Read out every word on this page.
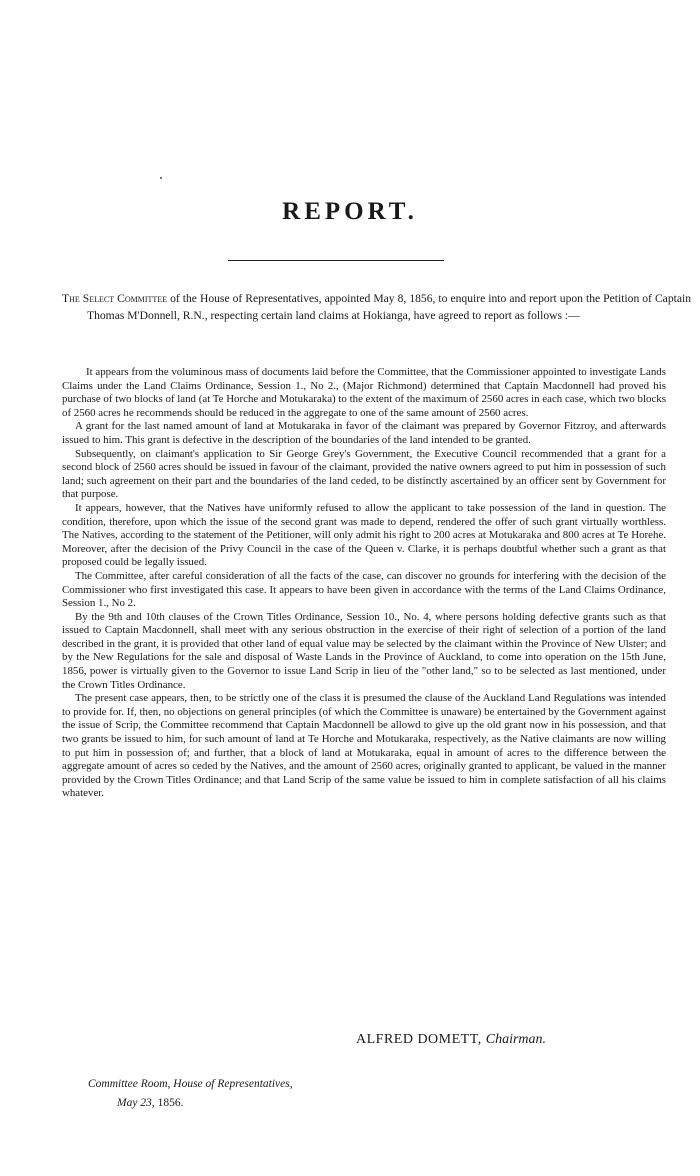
REPORT.
The Select Committee of the House of Representatives, appointed May 8, 1856, to enquire into and report upon the Petition of Captain Thomas M'Donnell, R.N., respecting certain land claims at Hokianga, have agreed to report as follows :—

It appears from the voluminous mass of documents laid before the Committee, that the Commissioner appointed to investigate Lands Claims under the Land Claims Ordinance, Session 1., No 2., (Major Richmond) determined that Captain Macdonnell had proved his purchase of two blocks of land (at Te Horche and Motukaraka) to the extent of the maximum of 2560 acres in each case, which two blocks of 2560 acres he recommends should be reduced in the aggregate to one of the same amount of 2560 acres.

A grant for the last named amount of land at Motukaraka in favor of the claimant was prepared by Governor Fitzroy, and afterwards issued to him. This grant is defective in the description of the boundaries of the land intended to be granted.

Subsequently, on claimant's application to Sir George Grey's Government, the Executive Council recommended that a grant for a second block of 2560 acres should be issued in favour of the claimant, provided the native owners agreed to put him in possession of such land; such agreement on their part and the boundaries of the land ceded, to be distinctly ascertained by an officer sent by Government for that purpose.

It appears, however, that the Natives have uniformly refused to allow the applicant to take possession of the land in question. The condition, therefore, upon which the issue of the second grant was made to depend, rendered the offer of such grant virtually worthless. The Natives, according to the statement of the Petitioner, will only admit his right to 200 acres at Motukaraka and 800 acres at Te Horehe. Moreover, after the decision of the Privy Council in the case of the Queen v. Clarke, it is perhaps doubtful whether such a grant as that proposed could be legally issued.

The Committee, after careful consideration of all the facts of the case, can discover no grounds for interfering with the decision of the Commissioner who first investigated this case. It appears to have been given in accordance with the terms of the Land Claims Ordinance, Session 1., No 2.

By the 9th and 10th clauses of the Crown Titles Ordinance, Session 10., No. 4, where persons holding defective grants such as that issued to Captain Macdonnell, shall meet with any serious obstruction in the exercise of their right of selection of a portion of the land described in the grant, it is provided that other land of equal value may be selected by the claimant within the Province of New Ulster; and by the New Regulations for the sale and disposal of Waste Lands in the Province of Auckland, to come into operation on the 15th June, 1856, power is virtually given to the Governor to issue Land Scrip in lieu of the "other land," so to be selected as last mentioned, under the Crown Titles Ordinance.

The present case appears, then, to be strictly one of the class it is presumed the clause of the Auckland Land Regulations was intended to provide for. If, then, no objections on general principles (of which the Committee is unaware) be entertained by the Government against the issue of Scrip, the Committee recommend that Captain Macdonnell be allowd to give up the old grant now in his possession, and that two grants be issued to him, for such amount of land at Te Horche and Motukaraka, respectively, as the Native claimants are now willing to put him in possession of; and further, that a block of land at Motukaraka, equal in amount of acres to the difference between the aggregate amount of acres so ceded by the Natives, and the amount of 2560 acres, originally granted to applicant, be valued in the manner provided by the Crown Titles Ordinance; and that Land Scrip of the same value be issued to him in complete satisfaction of all his claims whatever.

ALFRED DOMETT, Chairman.
Committee Room, House of Representatives,
May 23, 1856.
